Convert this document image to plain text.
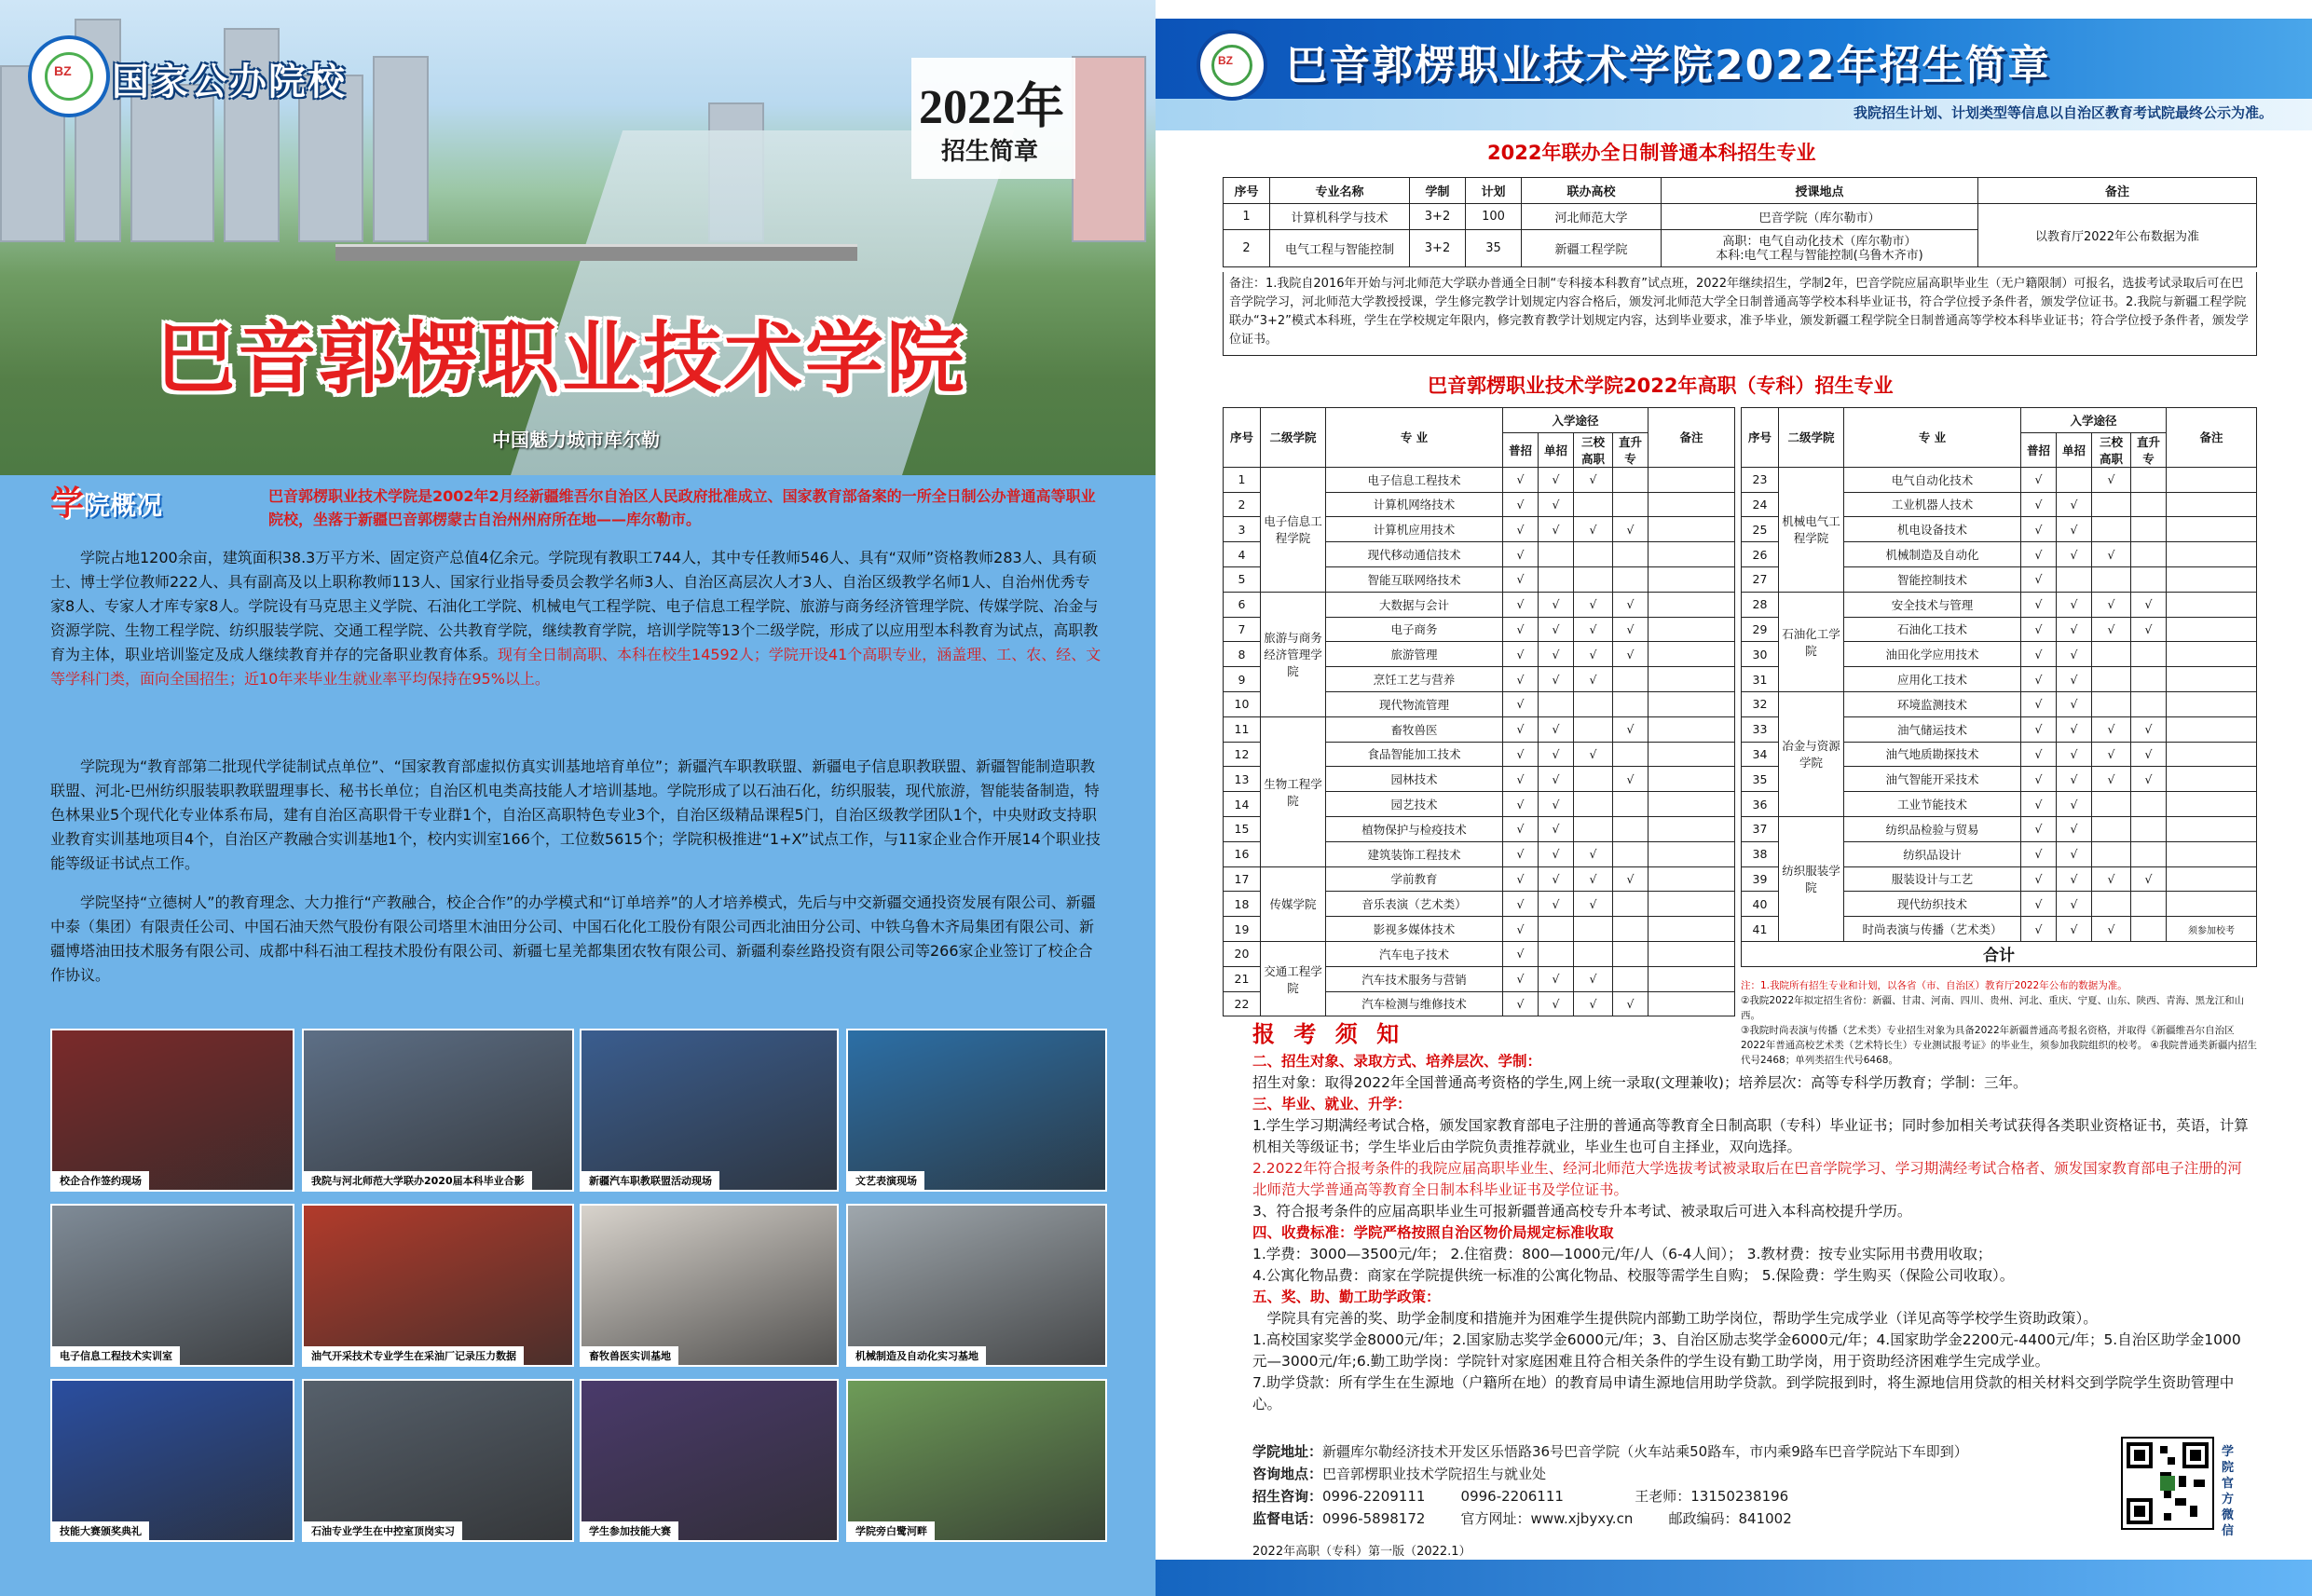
BZ 国家公办院校	2022年
招生简章
巴音郭楞职业技术学院
中国魅力城市库尔勒
学院概况	巴音郭楞职业技术学院是2002年2月经新疆维吾尔自治区人民政府批准成立、国家教育部备案的一所全日制公办普通高等职业院校，坐落于新疆巴音郭楞蒙古自治州州府所在地——库尔勒市。
学院占地1200余亩，建筑面积38.3万平方米、固定资产总值4亿余元。学院现有教职工744人，其中专任教师546人、具有“双师”资格教师283人、具有硕士、博士学位教师222人、具有副高及以上职称教师113人、国家行业指导委员会教学名师3人、自治区高层次人才3人、自治区级教学名师1人、自治州优秀专家8人、专家人才库专家8人。学院设有马克思主义学院、石油化工学院、机械电气工程学院、电子信息工程学院、旅游与商务经济管理学院、传媒学院、冶金与资源学院、生物工程学院、纺织服装学院、交通工程学院、公共教育学院，继续教育学院，培训学院等13个二级学院，形成了以应用型本科教育为试点，高职教育为主体，职业培训鉴定及成人继续教育并存的完备职业教育体系。现有全日制高职、本科在校生14592人；学院开设41个高职专业，涵盖理、工、农、经、文等学科门类，面向全国招生；近10年来毕业生就业率平均保持在95%以上。
学院现为“教育部第二批现代学徒制试点单位”、“国家教育部虚拟仿真实训基地培育单位”；新疆汽车职教联盟、新疆电子信息职教联盟、新疆智能制造职教联盟、河北-巴州纺织服装职教联盟理事长、秘书长单位；自治区机电类高技能人才培训基地。学院形成了以石油石化，纺织服装，现代旅游，智能装备制造，特色林果业5个现代化专业体系布局，建有自治区高职骨干专业群1个，自治区高职特色专业3个，自治区级精品课程5门，自治区级教学团队1个，中央财政支持职业教育实训基地项目4个，自治区产教融合实训基地1个，校内实训室166个，工位数5615个；学院积极推进“1+X”试点工作，与11家企业合作开展14个职业技能等级证书试点工作。
学院坚持“立德树人”的教育理念、大力推行“产教融合，校企合作”的办学模式和“订单培养”的人才培养模式，先后与中交新疆交通投资发展有限公司、新疆中泰（集团）有限责任公司、中国石油天然气股份有限公司塔里木油田分公司、中国石化化工股份有限公司西北油田分公司、中铁乌鲁木齐局集团有限公司、新疆博塔油田技术服务有限公司、成都中科石油工程技术股份有限公司、新疆七星羌都集团农牧有限公司、新疆利泰丝路投资有限公司等266家企业签订了校企合作协议。
校企合作签约现场	我院与河北师范大学联办2020届本科毕业合影	新疆汽车职教联盟活动现场	文艺表演现场
电子信息工程技术实训室	油气开采技术专业学生在采油厂记录压力数据	畜牧兽医实训基地	机械制造及自动化实习基地
技能大赛颁奖典礼	石油专业学生在中控室顶岗实习	学生参加技能大赛	学院旁白鹭河畔
BZ 巴音郭楞职业技术学院2022年招生简章
我院招生计划、计划类型等信息以自治区教育考试院最终公示为准。
2022年联办全日制普通本科招生专业
序号	专业名称	学制	计划	联办高校	授课地点	备注
1	计算机科学与技术	3+2	100	河北师范大学	巴音学院（库尔勒市）	以教育厅2022年公布数据为准
2	电气工程与智能控制	3+2	35	新疆工程学院	高职：电气自动化技术（库尔勒市）
本科:电气工程与智能控制(乌鲁木齐市)	
备注：1.我院自2016年开始与河北师范大学联办普通全日制“专科接本科教育”试点班，2022年继续招生，学制2年，巴音学院应届高职毕业生（无户籍限制）可报名，选拔考试录取后可在巴音学院学习，河北师范大学教授授课，学生修完教学计划规定内容合格后，颁发河北师范大学全日制普通高等学校本科毕业证书，符合学位授予条件者，颁发学位证书。2.我院与新疆工程学院联办“3+2”模式本科班，学生在学校规定年限内，修完教育教学计划规定内容，达到毕业要求，准予毕业，颁发新疆工程学院全日制普通高等学校本科毕业证书；符合学位授予条件者，颁发学位证书。
巴音郭楞职业技术学院2022年高职（专科）招生专业
序号	二级学院	专 业	入学途径				备注
			普招	单招	三校高职	直升专	
1	电子信息工程学院	电子信息工程技术	√	√	√		
2		计算机网络技术	√	√			
3		计算机应用技术	√	√	√	√	
4		现代移动通信技术	√				
5		智能互联网络技术	√				
6	旅游与商务经济管理学院	大数据与会计	√	√	√	√	
7		电子商务	√	√	√	√	
8		旅游管理	√	√	√	√	
9		烹饪工艺与营养	√	√	√		
10		现代物流管理	√				
11	生物工程学院	畜牧兽医	√	√		√	
12		食品智能加工技术	√	√	√		
13		园林技术	√	√		√	
14		园艺技术	√	√			
15		植物保护与检疫技术	√	√			
16		建筑装饰工程技术	√	√	√		
17	传媒学院	学前教育	√	√	√	√	
18		音乐表演（艺术类）	√	√	√		
19		影视多媒体技术	√				
20	交通工程学院	汽车电子技术	√				
21		汽车技术服务与营销	√	√	√		
22		汽车检测与维修技术	√	√	√	√	
序号	二级学院	专 业	入学途径				备注
			普招	单招	三校高职	直升专	
23	机械电气工程学院	电气自动化技术	√		√		
24		工业机器人技术	√	√			
25		机电设备技术	√	√			
26		机械制造及自动化	√	√	√		
27		智能控制技术	√				
28	石油化工学院	安全技术与管理	√	√	√	√	
29		石油化工技术	√	√	√	√	
30		油田化学应用技术	√	√			
31		应用化工技术	√	√			
32	冶金与资源学院	环境监测技术	√	√			
33		油气储运技术	√	√	√	√	
34		油气地质勘探技术	√	√	√	√	
35		油气智能开采技术	√	√	√	√	
36		工业节能技术	√	√			
37	纺织服装学院	纺织品检验与贸易	√	√			
38		纺织品设计	√	√			
39		服装设计与工艺	√	√	√	√	
40		现代纺织技术	√	√			
41		时尚表演与传播（艺术类）	√	√	√		须参加校考
合计							
注：1.我院所有招生专业和计划，以各省（市、自治区）教育厅2022年公布的数据为准。
②我院2022年拟定招生省份：新疆、甘肃、河南、四川、贵州、河北、重庆、宁夏、山东、陕西、青海、黑龙江和山西。
③我院时尚表演与传播（艺术类）专业招生对象为具备2022年新疆普通高考报名资格，并取得《新疆维吾尔自治区2022年普通高校艺术类（艺术特长生）专业测试报考证》的毕业生，须参加我院组织的校考。 ④我院普通类新疆内招生代号2468；单列类招生代号6468。
报 考 须 知
二、招生对象、录取方式、培养层次、学制：
招生对象：取得2022年全国普通高考资格的学生,网上统一录取(文理兼收)；培养层次：高等专科学历教育；学制：三年。
三、毕业、就业、升学：
1.学生学习期满经考试合格，颁发国家教育部电子注册的普通高等教育全日制高职（专科）毕业证书；同时参加相关考试获得各类职业资格证书，英语，计算机相关等级证书；学生毕业后由学院负责推荐就业，毕业生也可自主择业，双向选择。
2.2022年符合报考条件的我院应届高职毕业生、经河北师范大学选拔考试被录取后在巴音学院学习、学习期满经考试合格者、颁发国家教育部电子注册的河北师范大学普通高等教育全日制本科毕业证书及学位证书。
3、符合报考条件的应届高职毕业生可报新疆普通高校专升本考试、被录取后可进入本科高校提升学历。
四、收费标准：学院严格按照自治区物价局规定标准收取
1.学费：3000—3500元/年； 2.住宿费：800—1000元/年/人（6-4人间）； 3.教材费：按专业实际用书费用收取；
4.公寓化物品费：商家在学院提供统一标准的公寓化物品、校服等需学生自购； 5.保险费：学生购买（保险公司收取）。
五、奖、助、勤工助学政策：
学院具有完善的奖、助学金制度和措施并为困难学生提供院内部勤工助学岗位，帮助学生完成学业（详见高等学校学生资助政策）。
1.高校国家奖学金8000元/年；2.国家励志奖学金6000元/年；3、自治区励志奖学金6000元/年；4.国家助学金2200元-4400元/年；5.自治区助学金1000元—3000元/年;6.勤工助学岗：学院针对家庭困难且符合相关条件的学生设有勤工助学岗，用于资助经济困难学生完成学业。
7.助学贷款：所有学生在生源地（户籍所在地）的教育局申请生源地信用助学贷款。到学院报到时，将生源地信用贷款的相关材料交到学院学生资助管理中心。
学院地址：新疆库尔勒经济技术开发区乐悟路36号巴音学院（火车站乘50路车，市内乘9路车巴音学院站下车即到）
咨询地点：巴音郭楞职业技术学院招生与就业处
招生咨询：0996-2209111        0996-2206111                王老师：13150238196
监督电话：0996-5898172        官方网址：www.xjbyxy.cn        邮政编码：841002
学院官方微信
2022年高职（专科）第一版（2022.1）
